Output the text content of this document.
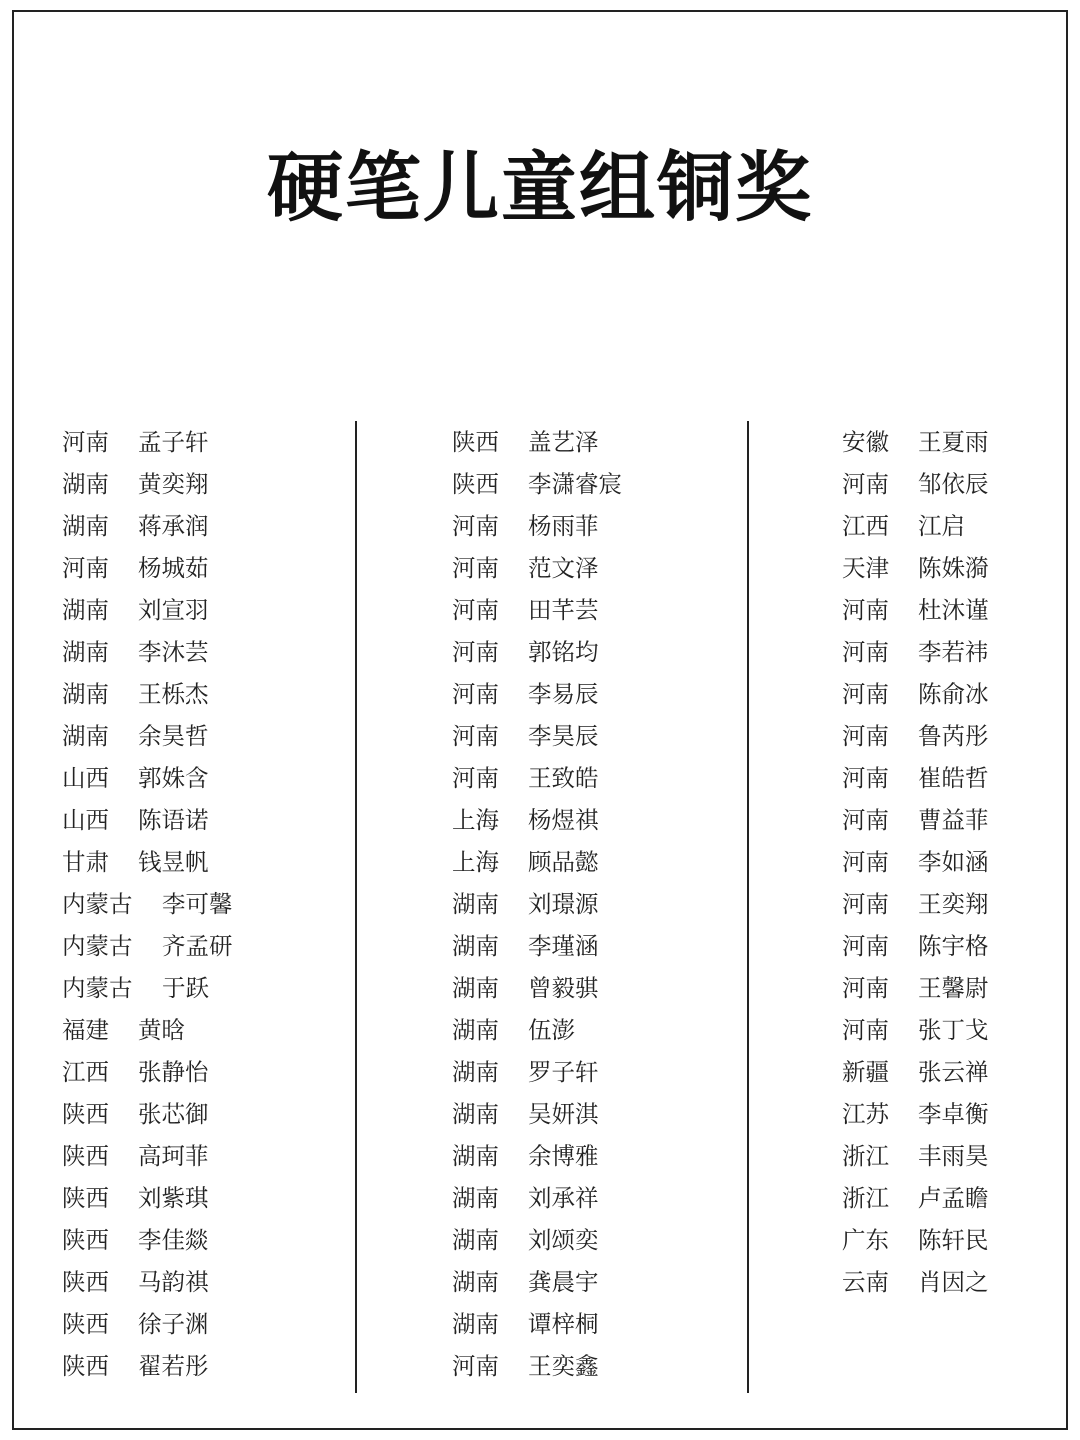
硬笔儿童组铜奖
河南 孟子轩
湖南 黄奕翔
湖南 蒋承润
河南 杨城茹
湖南 刘宣羽
湖南 李沐芸
湖南 王栎杰
湖南 余昊哲
山西 郭姝含
山西 陈语诺
甘肃 钱昱帆
内蒙古 李可馨
内蒙古 齐孟研
内蒙古 于跃
福建 黄晗
江西 张静怡
陕西 张芯御
陕西 高珂菲
陕西 刘紫琪
陕西 李佳燚
陕西 马韵祺
陕西 徐子渊
陕西 翟若彤
陕西 盖艺泽
陕西 李潇睿宸
河南 杨雨菲
河南 范文泽
河南 田芊芸
河南 郭铭均
河南 李易辰
河南 李昊辰
河南 王致皓
上海 杨煜祺
上海 顾品懿
湖南 刘璟源
湖南 李瑾涵
湖南 曾毅骐
湖南 伍澎
湖南 罗子轩
湖南 吴妍淇
湖南 余博雅
湖南 刘承祥
湖南 刘颂奕
湖南 龚晨宇
湖南 谭梓桐
河南 王奕鑫
安徽 王夏雨
河南 邹依辰
江西 江启
天津 陈姝漪
河南 杜沐谨
河南 李若祎
河南 陈俞冰
河南 鲁芮彤
河南 崔皓哲
河南 曹益菲
河南 李如涵
河南 王奕翔
河南 陈宇格
河南 王馨尉
河南 张丁戈
新疆 张云禅
江苏 李卓衡
浙江 丰雨昊
浙江 卢孟瞻
广东 陈轩民
云南 肖因之
